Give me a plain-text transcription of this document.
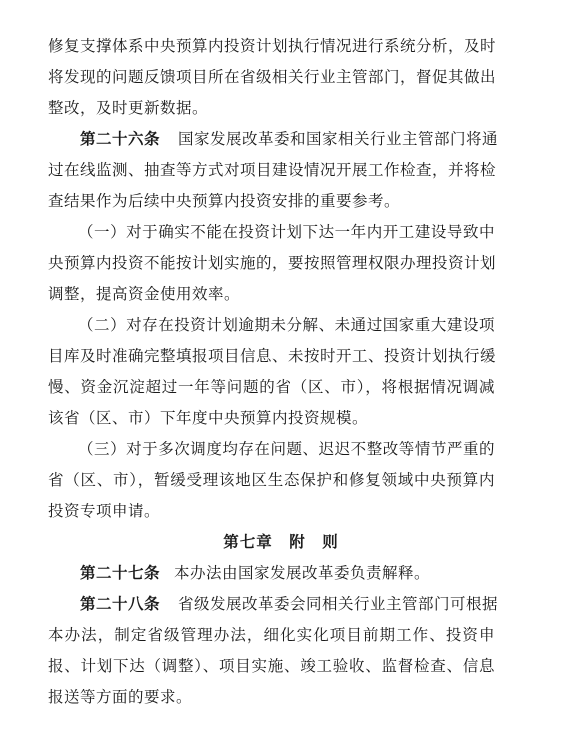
修复支撑体系中央预算内投资计划执行情况进行系统分析，及时
将发现的问题反馈项目所在省级相关行业主管部门，督促其做出
整改，及时更新数据。
第二十六条 国家发展改革委和国家相关行业主管部门将通
过在线监测、抽查等方式对项目建设情况开展工作检查，并将检
查结果作为后续中央预算内投资安排的重要参考。
（一）对于确实不能在投资计划下达一年内开工建设导致中
央预算内投资不能按计划实施的，要按照管理权限办理投资计划
调整，提高资金使用效率。
（二）对存在投资计划逾期未分解、未通过国家重大建设项
目库及时准确完整填报项目信息、未按时开工、投资计划执行缓
慢、资金沉淀超过一年等问题的省（区、市），将根据情况调减
该省（区、市）下年度中央预算内投资规模。
（三）对于多次调度均存在问题、迟迟不整改等情节严重的
省（区、市），暂缓受理该地区生态保护和修复领域中央预算内
投资专项申请。
第七章　附　则
第二十七条 本办法由国家发展改革委负责解释。
第二十八条 省级发展改革委会同相关行业主管部门可根据
本办法，制定省级管理办法，细化实化项目前期工作、投资申
报、计划下达（调整）、项目实施、竣工验收、监督检查、信息
报送等方面的要求。
